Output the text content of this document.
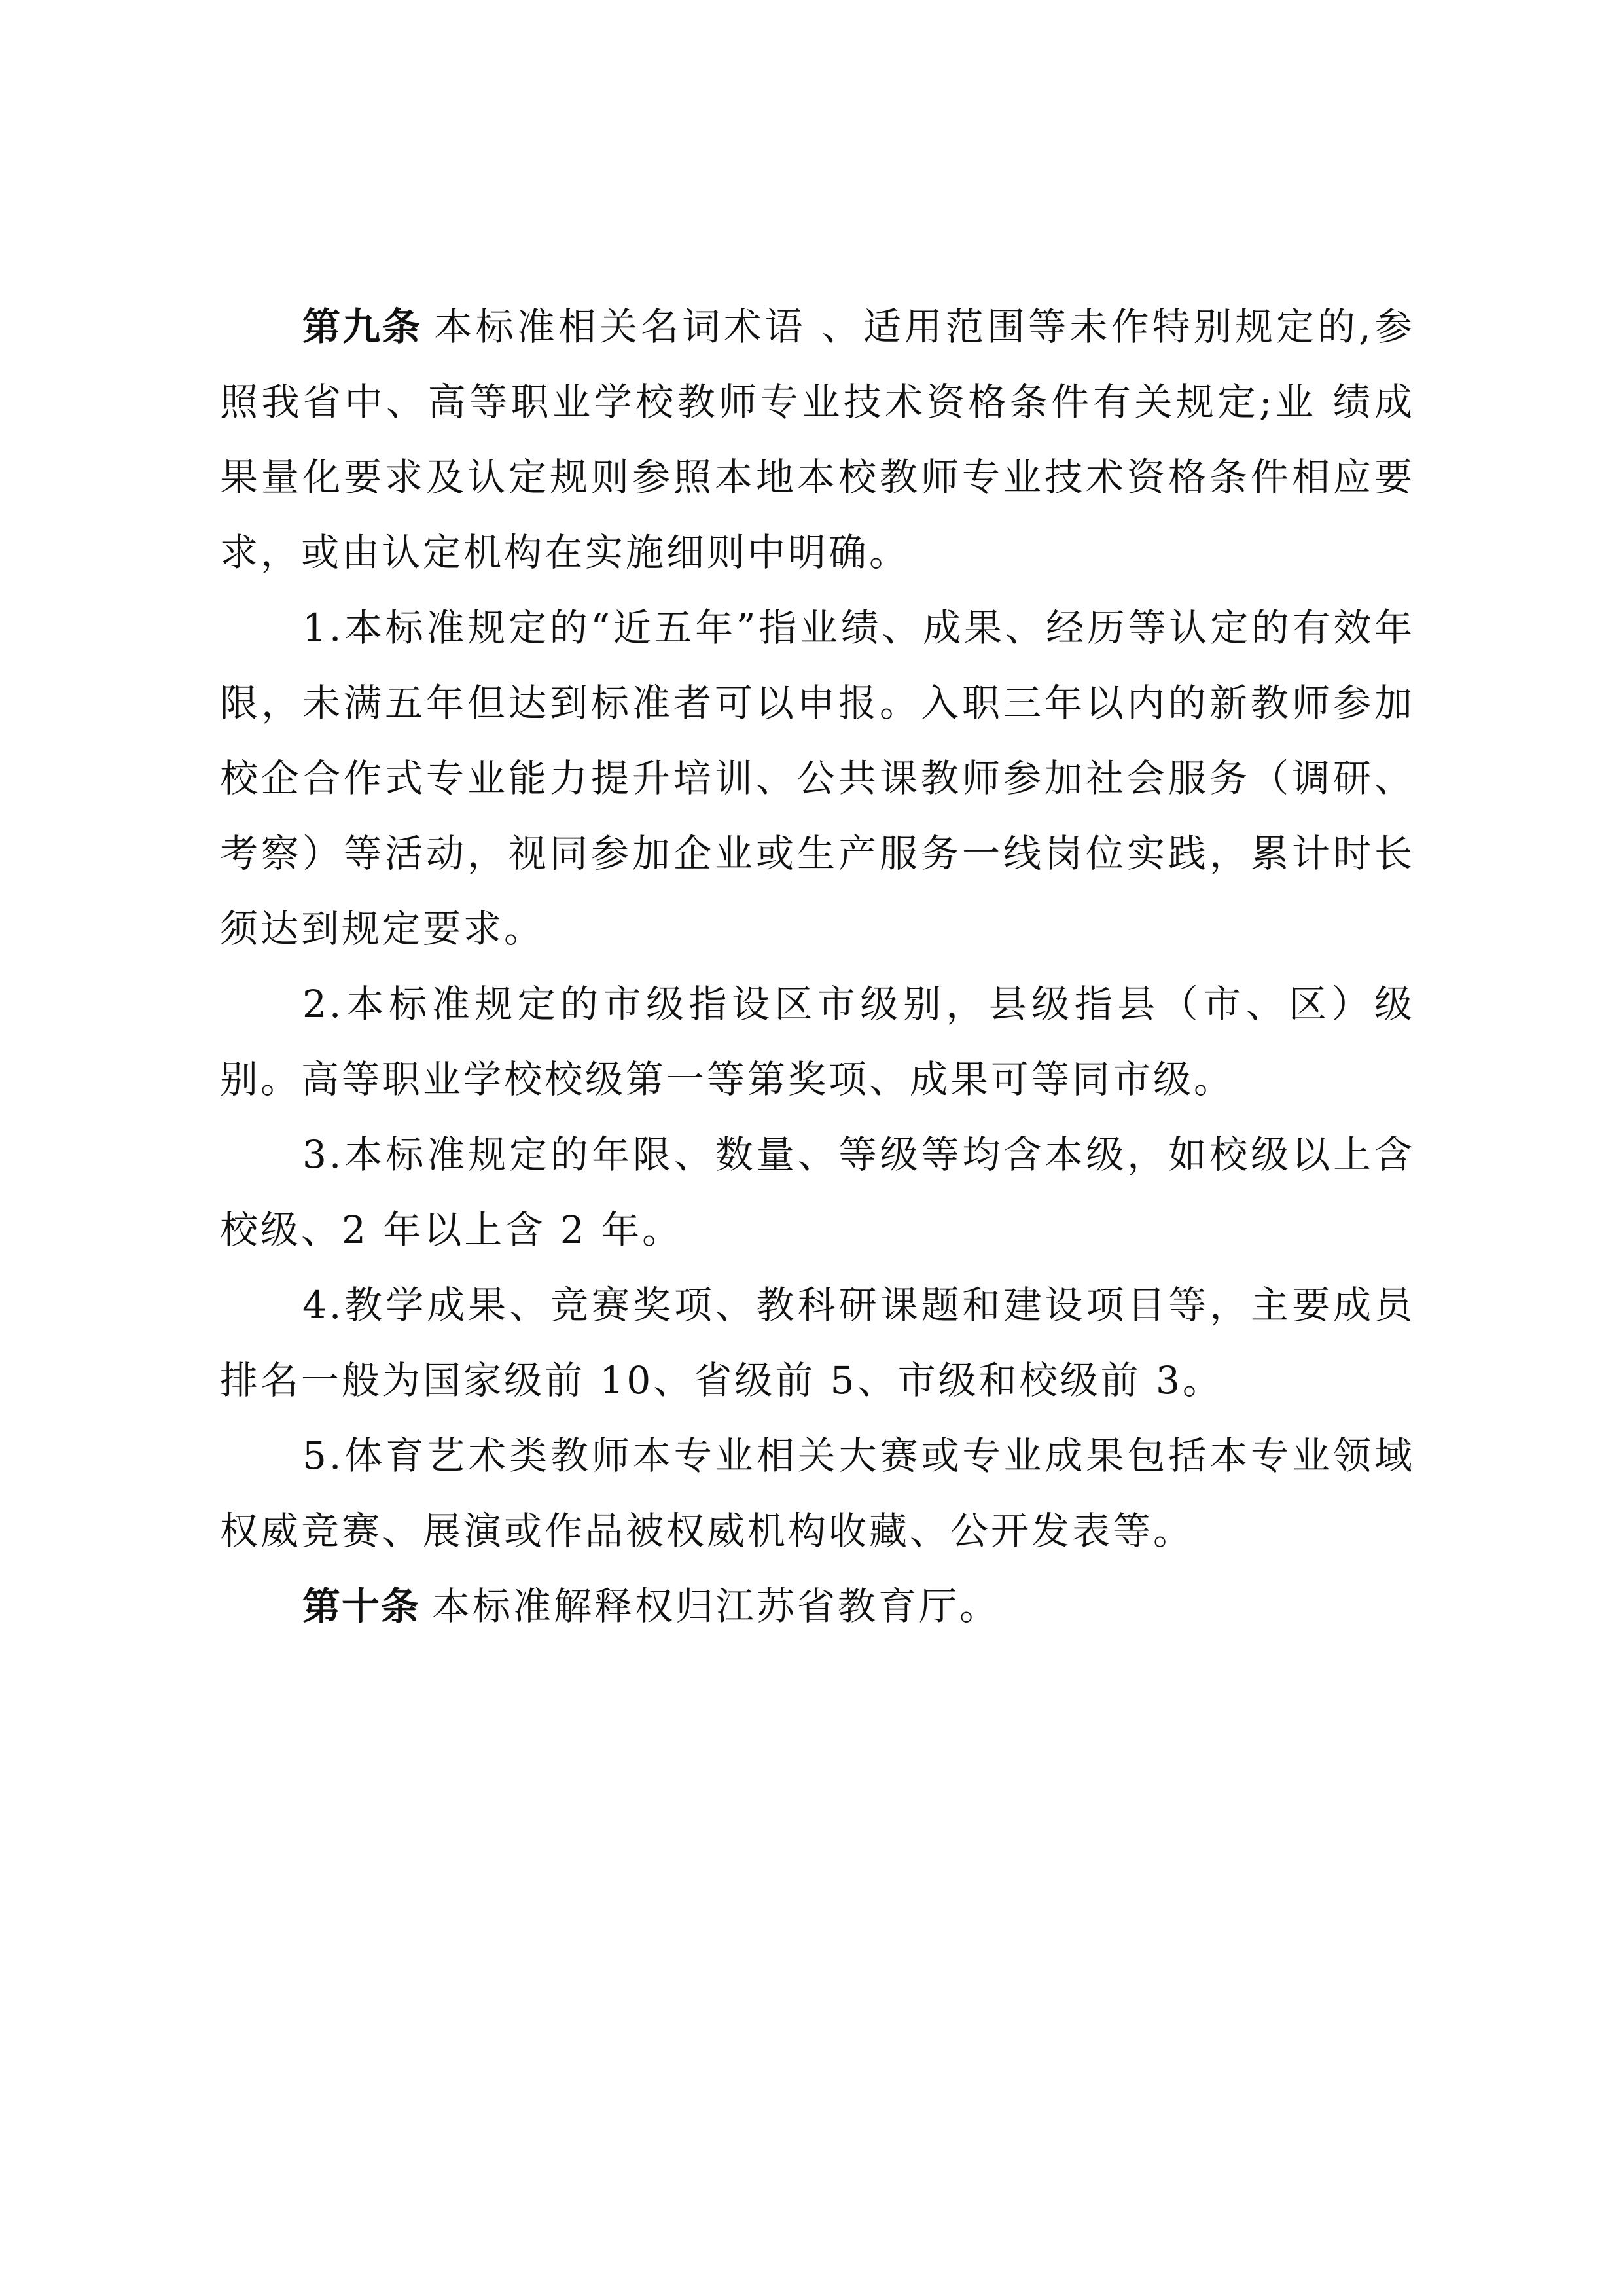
第九条 本标准相关名词术语 、适用范围等未作特别规定的,参照我省中、高等职业学校教师专业技术资格条件有关规定;业 绩成果量化要求及认定规则参照本地本校教师专业技术资格条件相应要求，或由认定机构在实施细则中明确。

1.本标准规定的“近五年”指业绩、成果、经历等认定的有效年限，未满五年但达到标准者可以申报。入职三年以内的新教师参加校企合作式专业能力提升培训、公共课教师参加社会服务（调研、考察）等活动，视同参加企业或生产服务一线岗位实践，累计时长须达到规定要求。

2.本标准规定的市级指设区市级别，县级指县（市、区）级别。高等职业学校校级第一等第奖项、成果可等同市级。

3.本标准规定的年限、数量、等级等均含本级，如校级以上含校级、2 年以上含 2 年。

4.教学成果、竞赛奖项、教科研课题和建设项目等，主要成员排名一般为国家级前 10、省级前 5、市级和校级前 3。

5.体育艺术类教师本专业相关大赛或专业成果包括本专业领域权威竞赛、展演或作品被权威机构收藏、公开发表等。

第十条 本标准解释权归江苏省教育厅。
